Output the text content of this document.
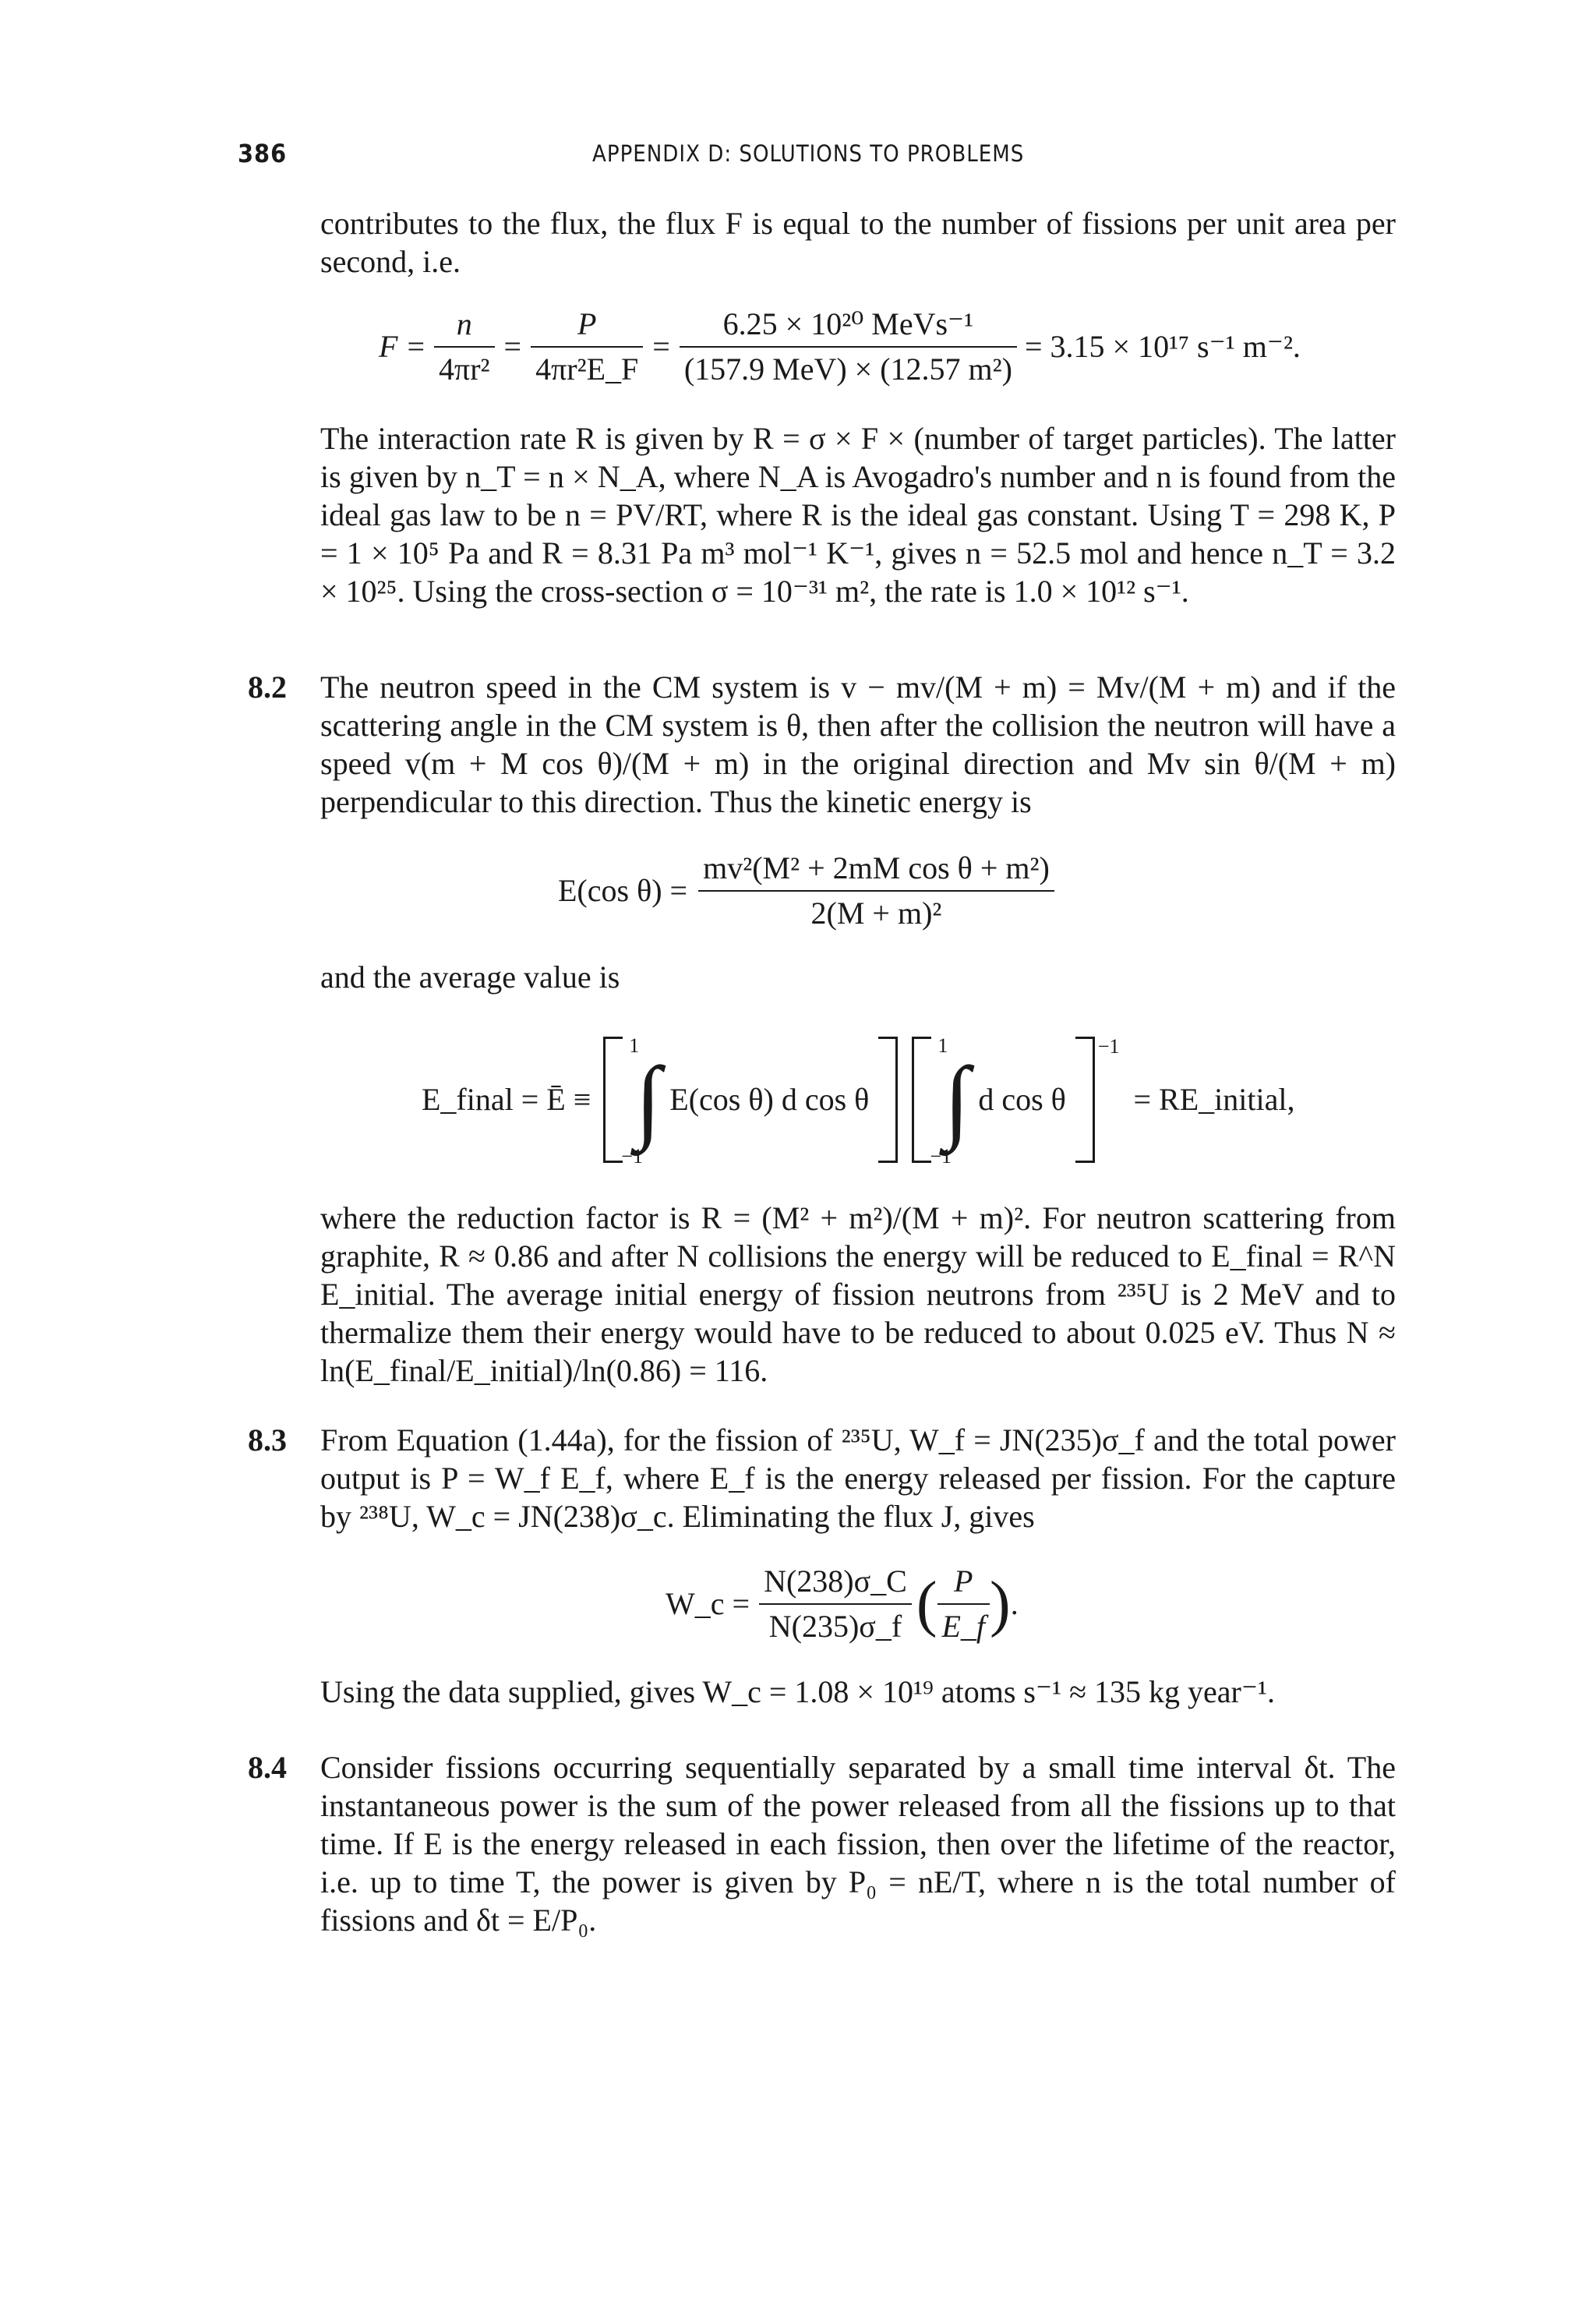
386	APPENDIX D: SOLUTIONS TO PROBLEMS

contributes to the flux, the flux F is equal to the number of fissions per unit area per second, i.e.

$F = \frac{n}{\text{4πr²}} = \frac{P}{\text{4πr²E\_F}} = \frac{\text{6.25 × 10²⁰ MeVs⁻¹}}{\text{(157.9 MeV) × (12.57 m²)}} = 3.15 \times 10^{17}$ s⁻¹ m⁻².

The interaction rate R is given by R = σ × F × (number of target particles). The latter is given by n_T = n × N_A, where N_A is Avogadro's number and n is found from the ideal gas law to be n = PV/RT, where R is the ideal gas constant. Using T = 298 K, P = 1 × 10⁵ Pa and R = 8.31 Pa m³ mol⁻¹ K⁻¹, gives n = 52.5 mol and hence n_T = 3.2 × 10²⁵. Using the cross-section σ = 10⁻³¹ m², the rate is 1.0 × 10¹² s⁻¹.

8.2 The neutron speed in the CM system is v − mv/(M + m) = Mv/(M + m) and if the scattering angle in the CM system is θ, then after the collision the neutron will have a speed v(m + M cos θ)/(M + m) in the original direction and Mv sin θ/(M + m) perpendicular to this direction. Thus the kinetic energy is

E(cos $\theta) = \frac{\text{mv²(M² + 2mM cos θ + m²)}}{\text{2(M + m)²}}$

and the average value is

E_final = Ē ≡
1
∫
−1
E(cos θ) d cos θ
1
∫
−1
d cos θ
−1
= RE_initial,

where the reduction factor is R = (M² + m²)/(M + m)². For neutron scattering from graphite, R ≈ 0.86 and after N collisions the energy will be reduced to E_final = R^N E_initial. The average initial energy of fission neutrons from ²³⁵U is 2 MeV and to thermalize them their energy would have to be reduced to about 0.025 eV. Thus N ≈ ln(E_final/E_initial)/ln(0.86) = 116.

8.3 From Equation (1.44a), for the fission of ²³⁵U, W_f = JN(235)σ_f and the total power output is P = W_f E_f, where E_f is the energy released per fission. For the capture by ²³⁸U, W_c = JN(238)σ_c. Eliminating the flux J, gives

W_c = $\frac{N(238)\sigma\_C}{N(235)\sigma\_f}$ ( $\frac{P}{E\_f}$ ) .

Using the data supplied, gives W_c = 1.08 × 10¹⁹ atoms s⁻¹ ≈ 135 kg year⁻¹.

8.4 Consider fissions occurring sequentially separated by a small time interval δt. The instantaneous power is the sum of the power released from all the fissions up to that time. If E is the energy released in each fission, then over the lifetime of the reactor, i.e. up to time T, the power is given by P₀ = nE/T, where n is the total number of fissions and δt = E/P₀.
